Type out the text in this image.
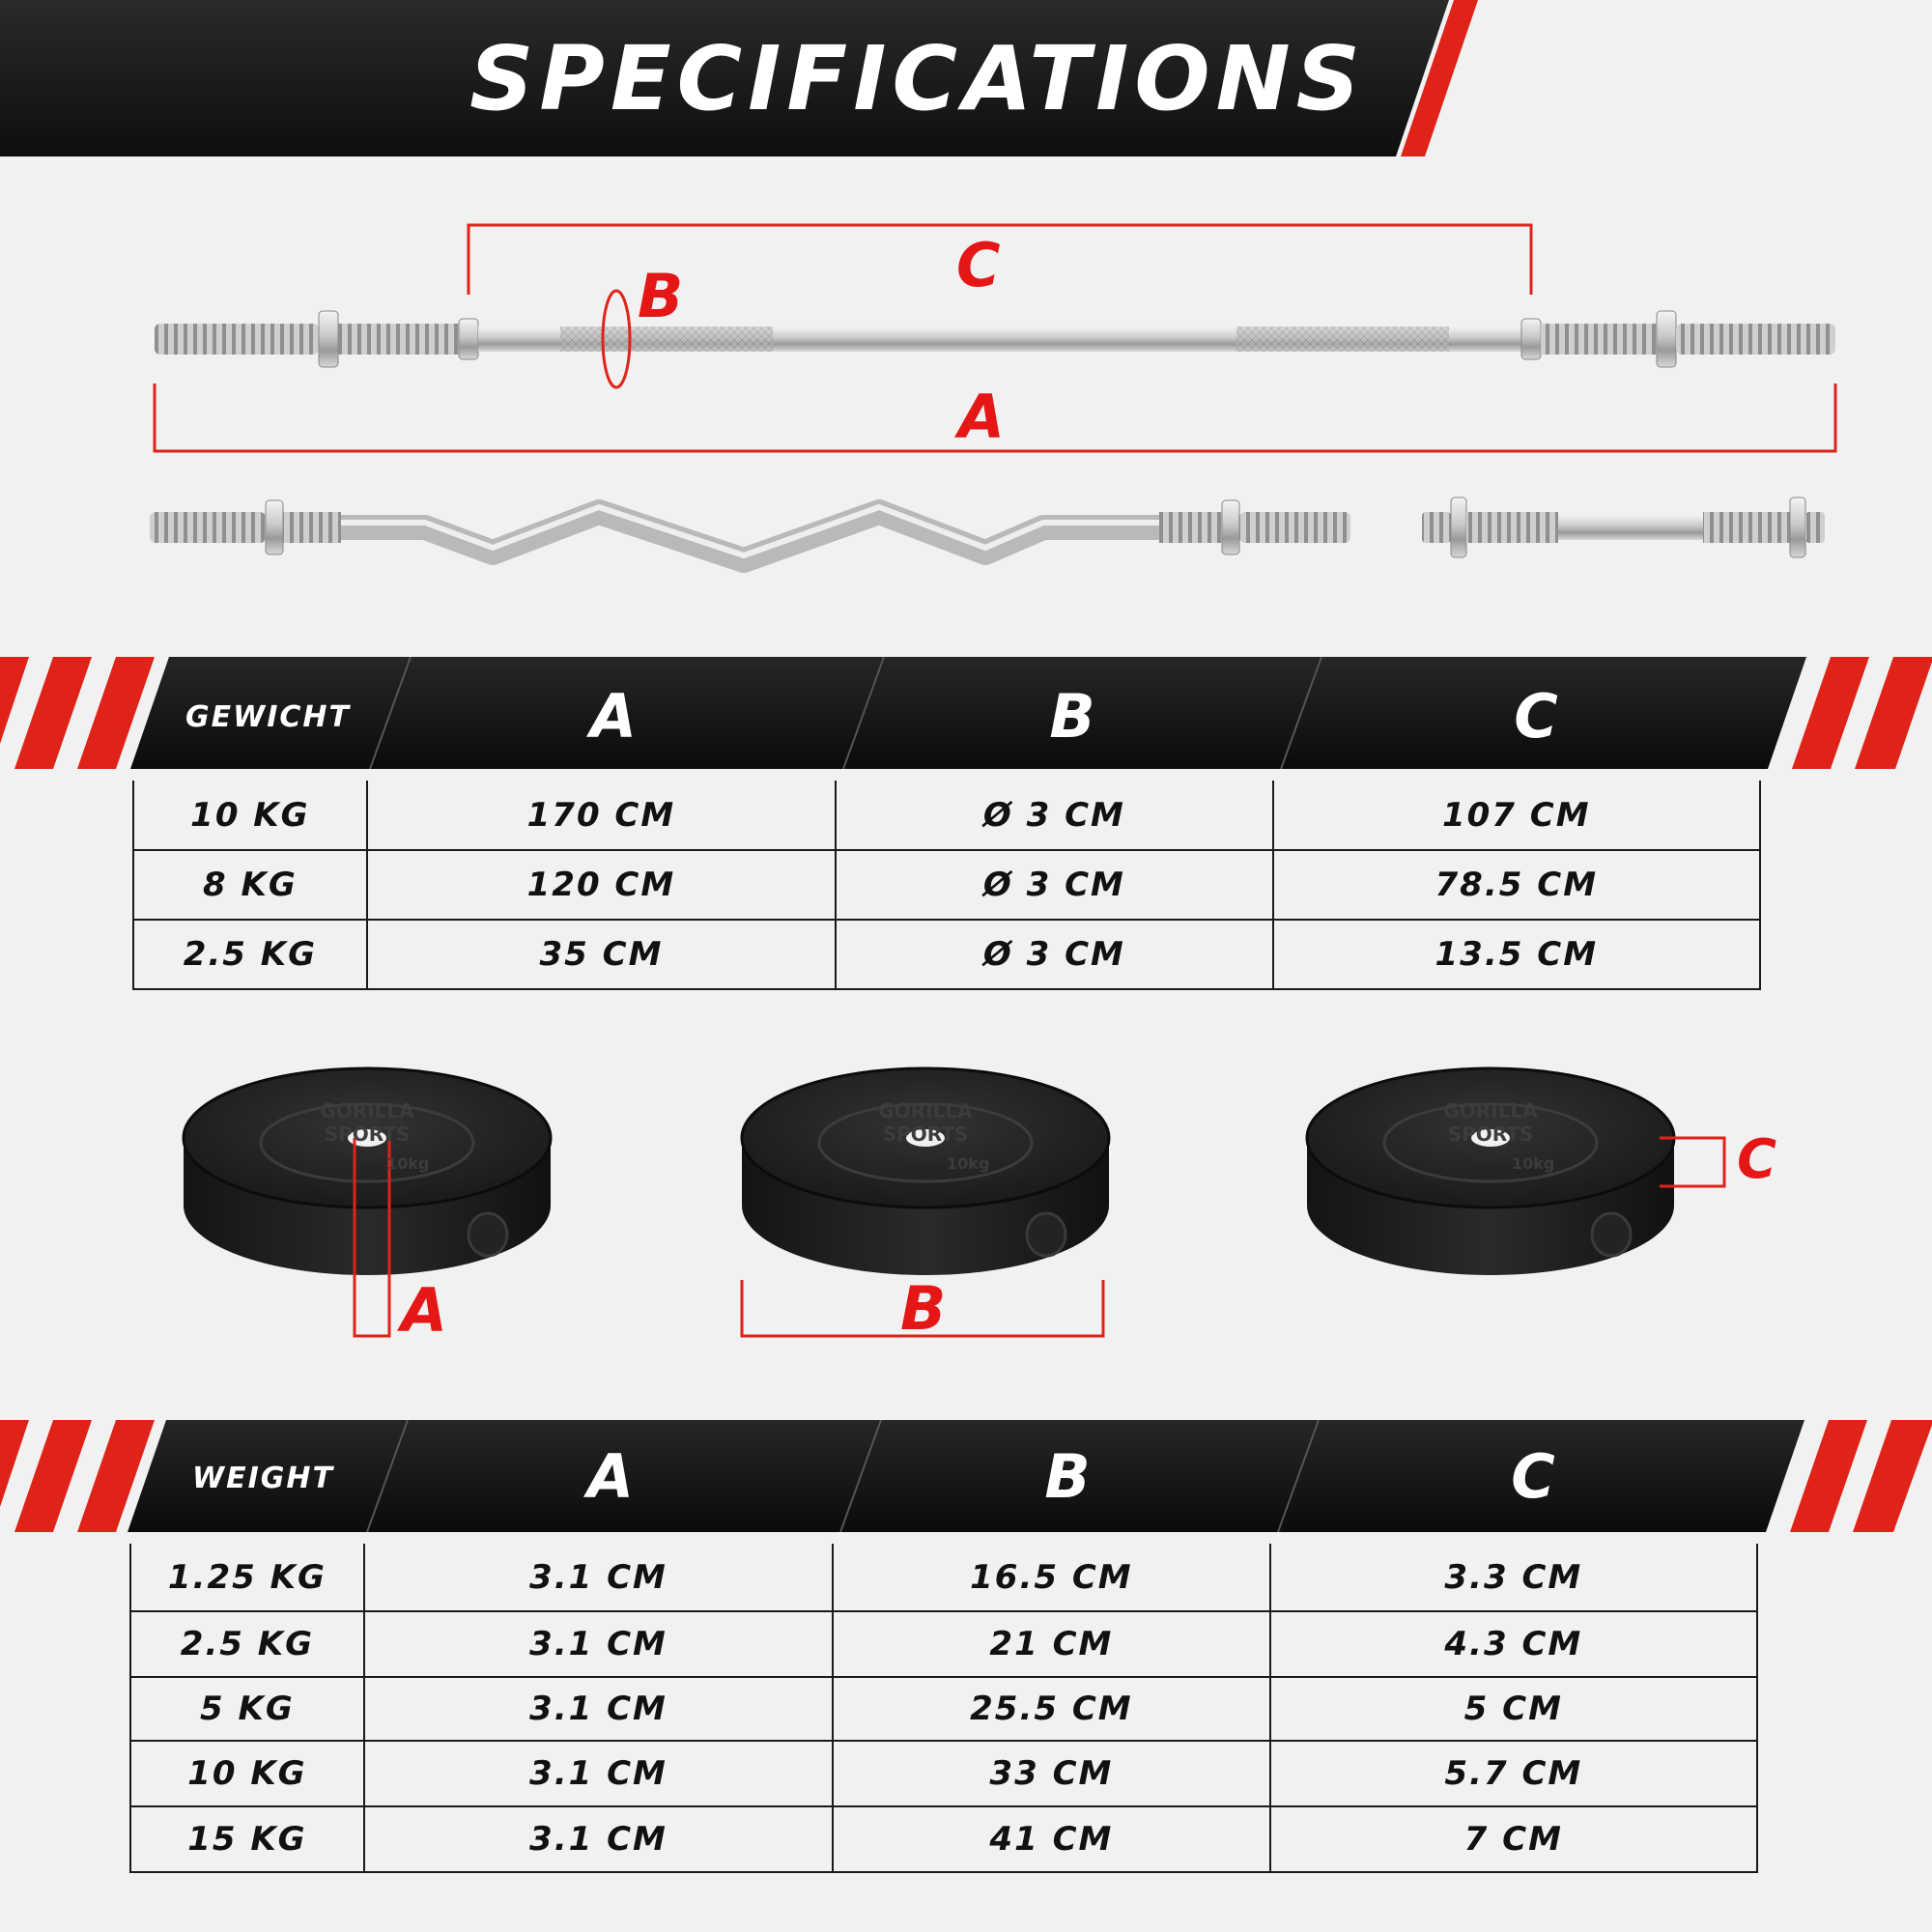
SPECIFICATIONS
C
B
A
GEWICHT	A	B	C
10 KG	170 CM	Ø 3 CM	107 CM
8 KG	120 CM	Ø 3 CM	78.5 CM
2.5 KG	35 CM	Ø 3 CM	13.5 CM
GORILLA SPORTS
GORILLA SPORTS
GORILLA SPORTS
10kg	10kg	10kg
A	B
C
WEIGHT	A	B	C
1.25 KG	3.1 CM	16.5 CM	3.3 CM
2.5 KG	3.1 CM	21 CM	4.3 CM
5 KG	3.1 CM	25.5 CM	5 CM
10 KG	3.1 CM	33 CM	5.7 CM
15 KG	3.1 CM	41 CM	7 CM
